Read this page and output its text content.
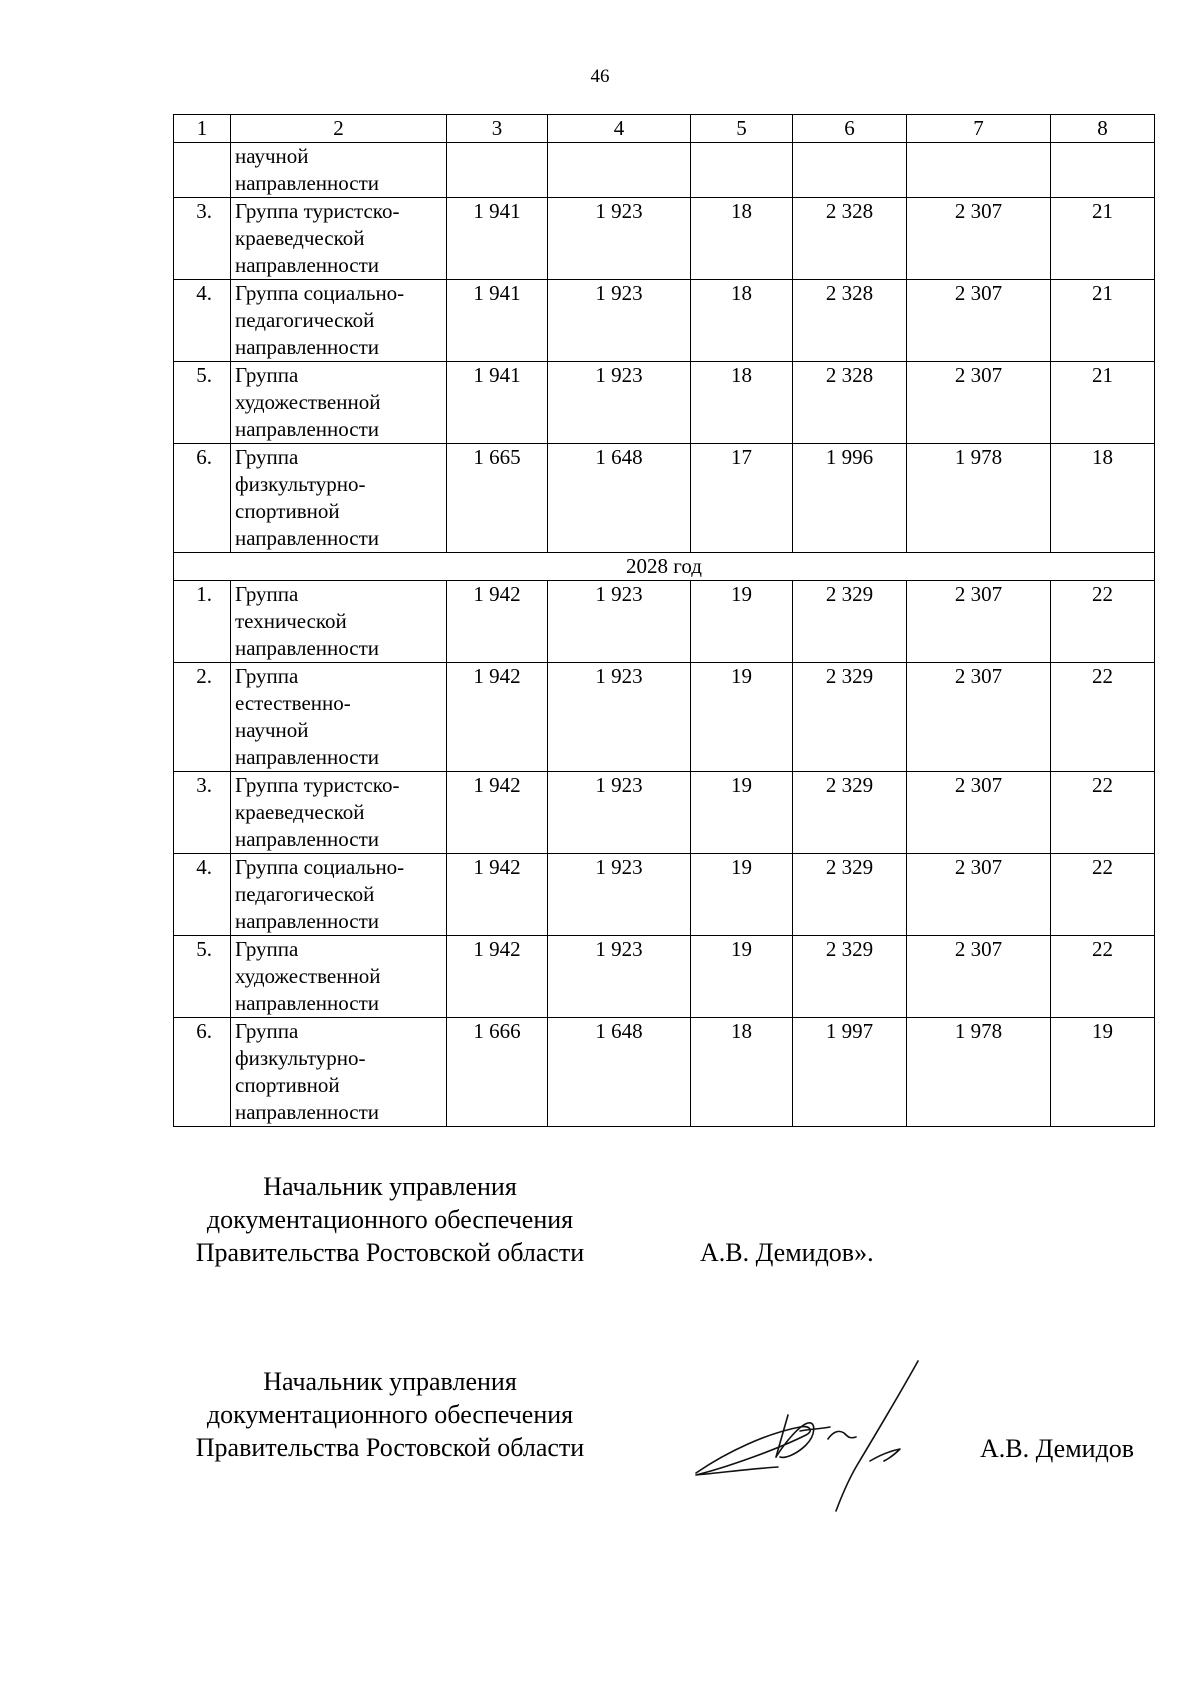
46
1	2	3	4	5	6	7	8

	научной
направленности						

3.	Группа туристско-
краеведческой
направленности	1 941	1 923	18	2 328	2 307	21
4.	Группа социально-
педагогической
направленности	1 941	1 923	18	2 328	2 307	21
5.	Группа
художественной
направленности	1 941	1 923	18	2 328	2 307	21
6.	Группа
физкультурно-
спортивной
направленности	1 665	1 648	17	1 996	1 978	18
2028 год							
1.	Группа
технической
направленности	1 942	1 923	19	2 329	2 307	22
2.	Группа
естественно-
научной
направленности	1 942	1 923	19	2 329	2 307	22
3.	Группа туристско-
краеведческой
направленности	1 942	1 923	19	2 329	2 307	22
4.	Группа социально-
педагогической
направленности	1 942	1 923	19	2 329	2 307	22
5.	Группа
художественной
направленности	1 942	1 923	19	2 329	2 307	22
6.	Группа
физкультурно-
спортивной
направленности	1 666	1 648	18	1 997	1 978	19
Начальник управления
документационного обеспечения
Правительства Ростовской области	А.В. Демидов».
Начальник управления
документационного обеспечения
Правительства Ростовской области	А.В. Демидов
